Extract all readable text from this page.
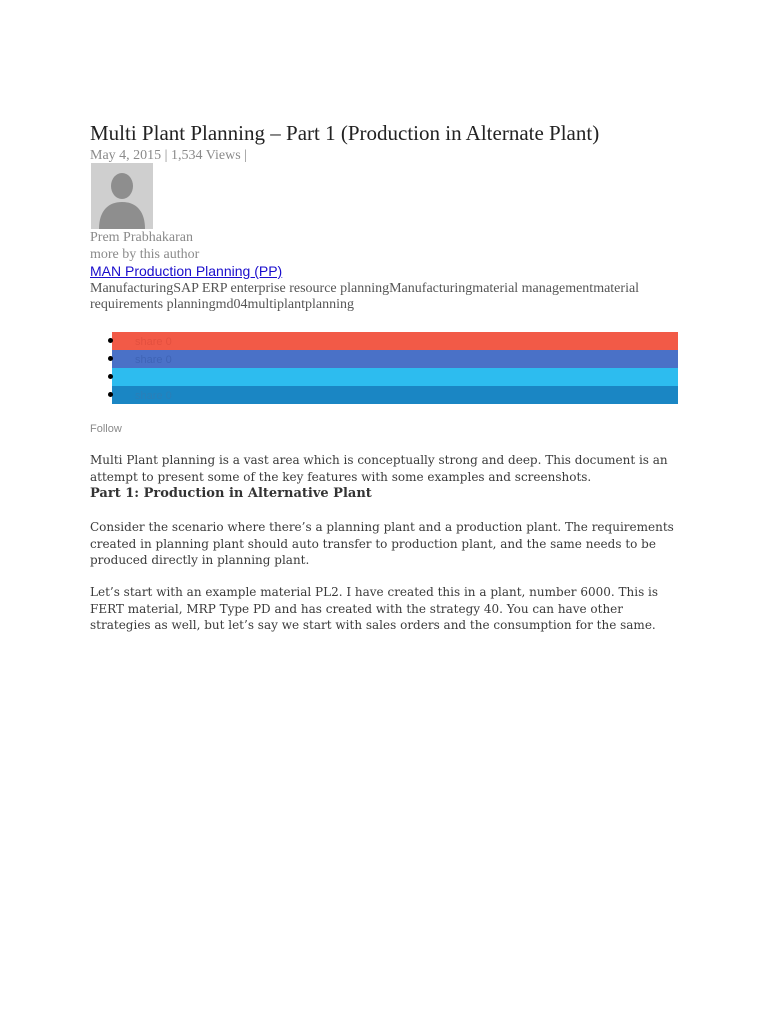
Multi Plant Planning – Part 1 (Production in Alternate Plant)
May 4, 2015 | 1,534 Views |
Prem Prabhakaran
more by this author
MAN Production Planning (PP)
ManufacturingSAP ERP enterprise resource planningManufacturingmaterial managementmaterial requirements planningmd04multiplantplanning
share 0
share 0
share 0
Follow

Multi Plant planning is a vast area which is conceptually strong and deep. This document is an attempt to present some of the key features with some examples and screenshots.

Part 1: Production in Alternative Plant

Consider the scenario where there’s a planning plant and a production plant. The requirements created in planning plant should auto transfer to production plant, and the same needs to be produced directly in planning plant.

Let’s start with an example material PL2. I have created this in a plant, number 6000. This is FERT material, MRP Type PD and has created with the strategy 40. You can have other strategies as well, but let’s say we start with sales orders and the consumption for the same.
